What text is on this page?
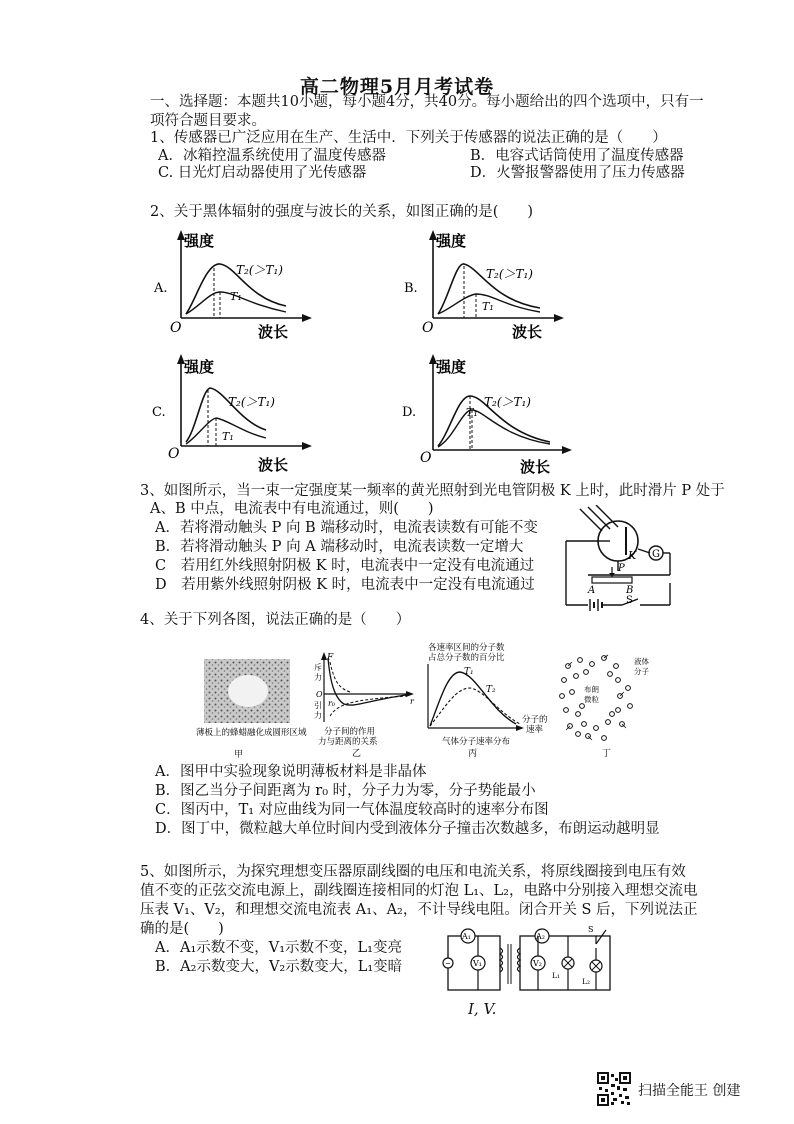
高二物理5月月考试卷
一、选择题：本题共10小题，每小题4分，共40分。每小题给出的四个选项中，只有一
项符合题目要求。
1、传感器已广泛应用在生产、生活中．下列关于传感器的说法正确的是（　　）
A．冰箱控温系统使用了温度传感器	B．电容式话筒使用了温度传感器
C. 日光灯启动器使用了光传感器	D．火警报警器使用了压力传感器
2、关于黑体辐射的强度与波长的关系，如图正确的是(　　)
A.
强度
O	波长
T₂(＞T₁)
T₁
B.
强度
O	波长
T₂(＞T₁)
T₁
C.
强度
O
波长
T₂(＞T₁)
T₁
D.
强度
O	波长
T₂(＞T₁)
T₁
3、如图所示，当一束一定强度某一频率的黄光照射到光电管阴极 K 上时，此时滑片 P 处于
A、B 中点，电流表中有电流通过，则(　　)
A．若将滑动触头 P 向 B 端移动时，电流表读数有可能不变
B．若将滑动触头 P 向 A 端移动时，电流表读数一定增大
C　若用红外线照射阴极 K 时，电流表中一定没有电流通过
D　若用紫外线照射阴极 K 时，电流表中一定没有电流通过
G
K
P
A	B
S
4、关于下列各图，说法正确的是（　　）
薄板上的蜂蜡融化成圆形区域
甲
F
斥
力
O
引
力
r
r₀
分子间的作用
力与距离的关系
乙
各速率区间的分子数
占总分子数的百分比
T₁
T₂
分子的
速率
气体分子速率分布
丙
布朗
微粒
液体
分子
丁
A．图甲中实验现象说明薄板材料是非晶体
B．图乙当分子间距离为 r₀ 时，分子力为零，分子势能最小
C．图丙中，T₁ 对应曲线为同一气体温度较高时的速率分布图
D．图丁中，微粒越大单位时间内受到液体分子撞击次数越多，布朗运动越明显
5、如图所示，为探究理想变压器原副线圈的电压和电流关系，将原线圈接到电压有效
值不变的正弦交流电源上，副线圈连接相同的灯泡 L₁、L₂，电路中分别接入理想交流电
压表 V₁、V₂，和理想交流电流表 A₁、A₂，不计导线电阻。闭合开关 S 后，下列说法正
确的是(　　)
A．A₁示数不变，V₁示数不变，L₁变亮
B．A₂示数变大，V₂示数变大，L₁变暗
A₁
~	V₁
A₂
V₂
L₁
S
L₂
I, V.
扫描全能王 创建
